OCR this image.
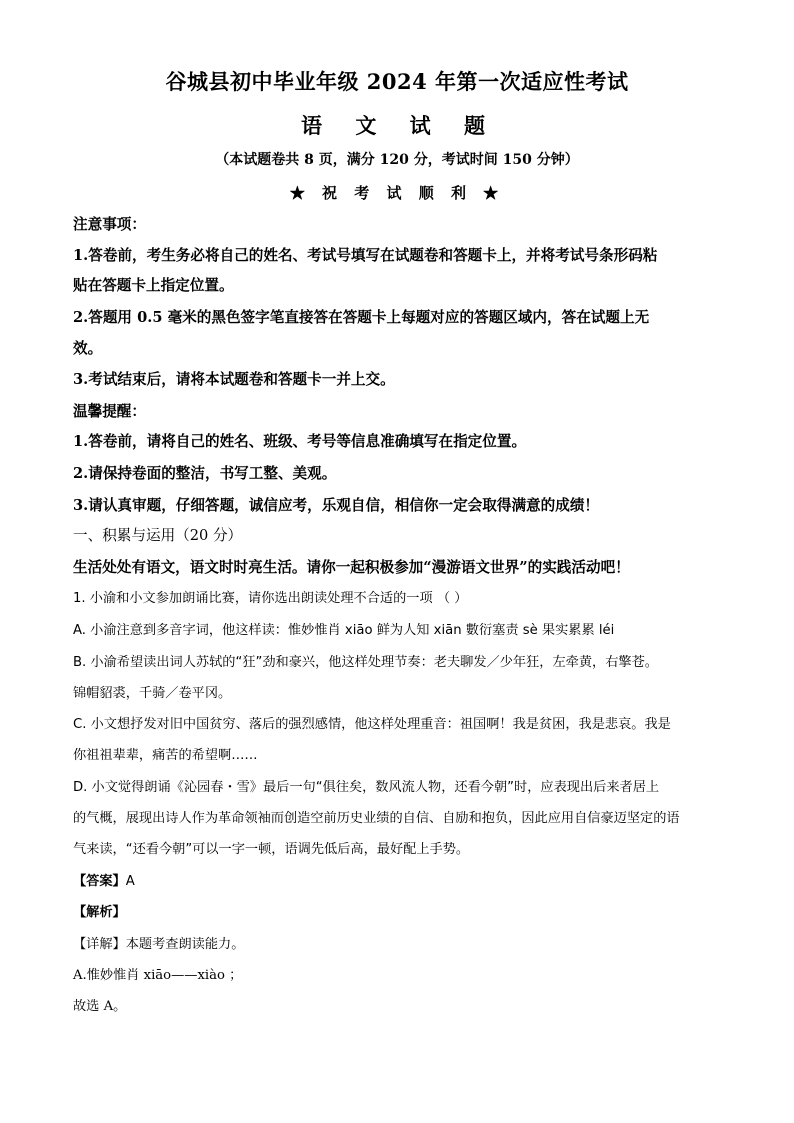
谷城县初中毕业年级 2024 年第一次适应性考试
语 文 试 题
（本试题卷共 8 页，满分 120 分，考试时间 150 分钟）
★ 祝 考 试 顺 利 ★
注意事项：
1.答卷前，考生务必将自己的姓名、考试号填写在试题卷和答题卡上，并将考试号条形码粘
贴在答题卡上指定位置。
2.答题用 0.5 毫米的黑色签字笔直接答在答题卡上每题对应的答题区域内，答在试题上无
效。
3.考试结束后，请将本试题卷和答题卡一并上交。
温馨提醒：
1.答卷前，请将自己的姓名、班级、考号等信息准确填写在指定位置。
2.请保持卷面的整洁，书写工整、美观。
3.请认真审题，仔细答题，诚信应考，乐观自信，相信你一定会取得满意的成绩！
一、积累与运用（20 分）
生活处处有语文，语文时时亮生活。请你一起积极参加“漫游语文世界”的实践活动吧！
1. 小渝和小文参加朗诵比赛，请你选出朗读处理不合适的一项 （ ）
A. 小渝注意到多音字词，他这样读：惟妙惟肖 xiāo 鲜为人知 xiān 數衍塞责 sè 果实累累 léi
B. 小渝希望读出词人苏轼的“狂”劲和豪兴，他这样处理节奏：老夫聊发／少年狂，左牵黄，右擎苍。
锦帽貂裘，千骑／卷平冈。
C. 小文想抒发对旧中国贫穷、落后的强烈感情，他这样处理重音：祖国啊！我是贫困，我是悲哀。我是
你祖祖辈辈，痛苦的希望啊……
D. 小文觉得朗诵《沁园春・雪》最后一句“俱往矣，数风流人物，还看今朝”时，应表现出后来者居上
的气概，展现出诗人作为革命领袖而创造空前历史业绩的自信、自励和抱负，因此应用自信豪迈坚定的语
气来读，“还看今朝”可以一字一顿，语调先低后高，最好配上手势。
【答案】A
【解析】
【详解】本题考查朗读能力。
A.惟妙惟肖 xiāo——xiào ；
故选 A。
